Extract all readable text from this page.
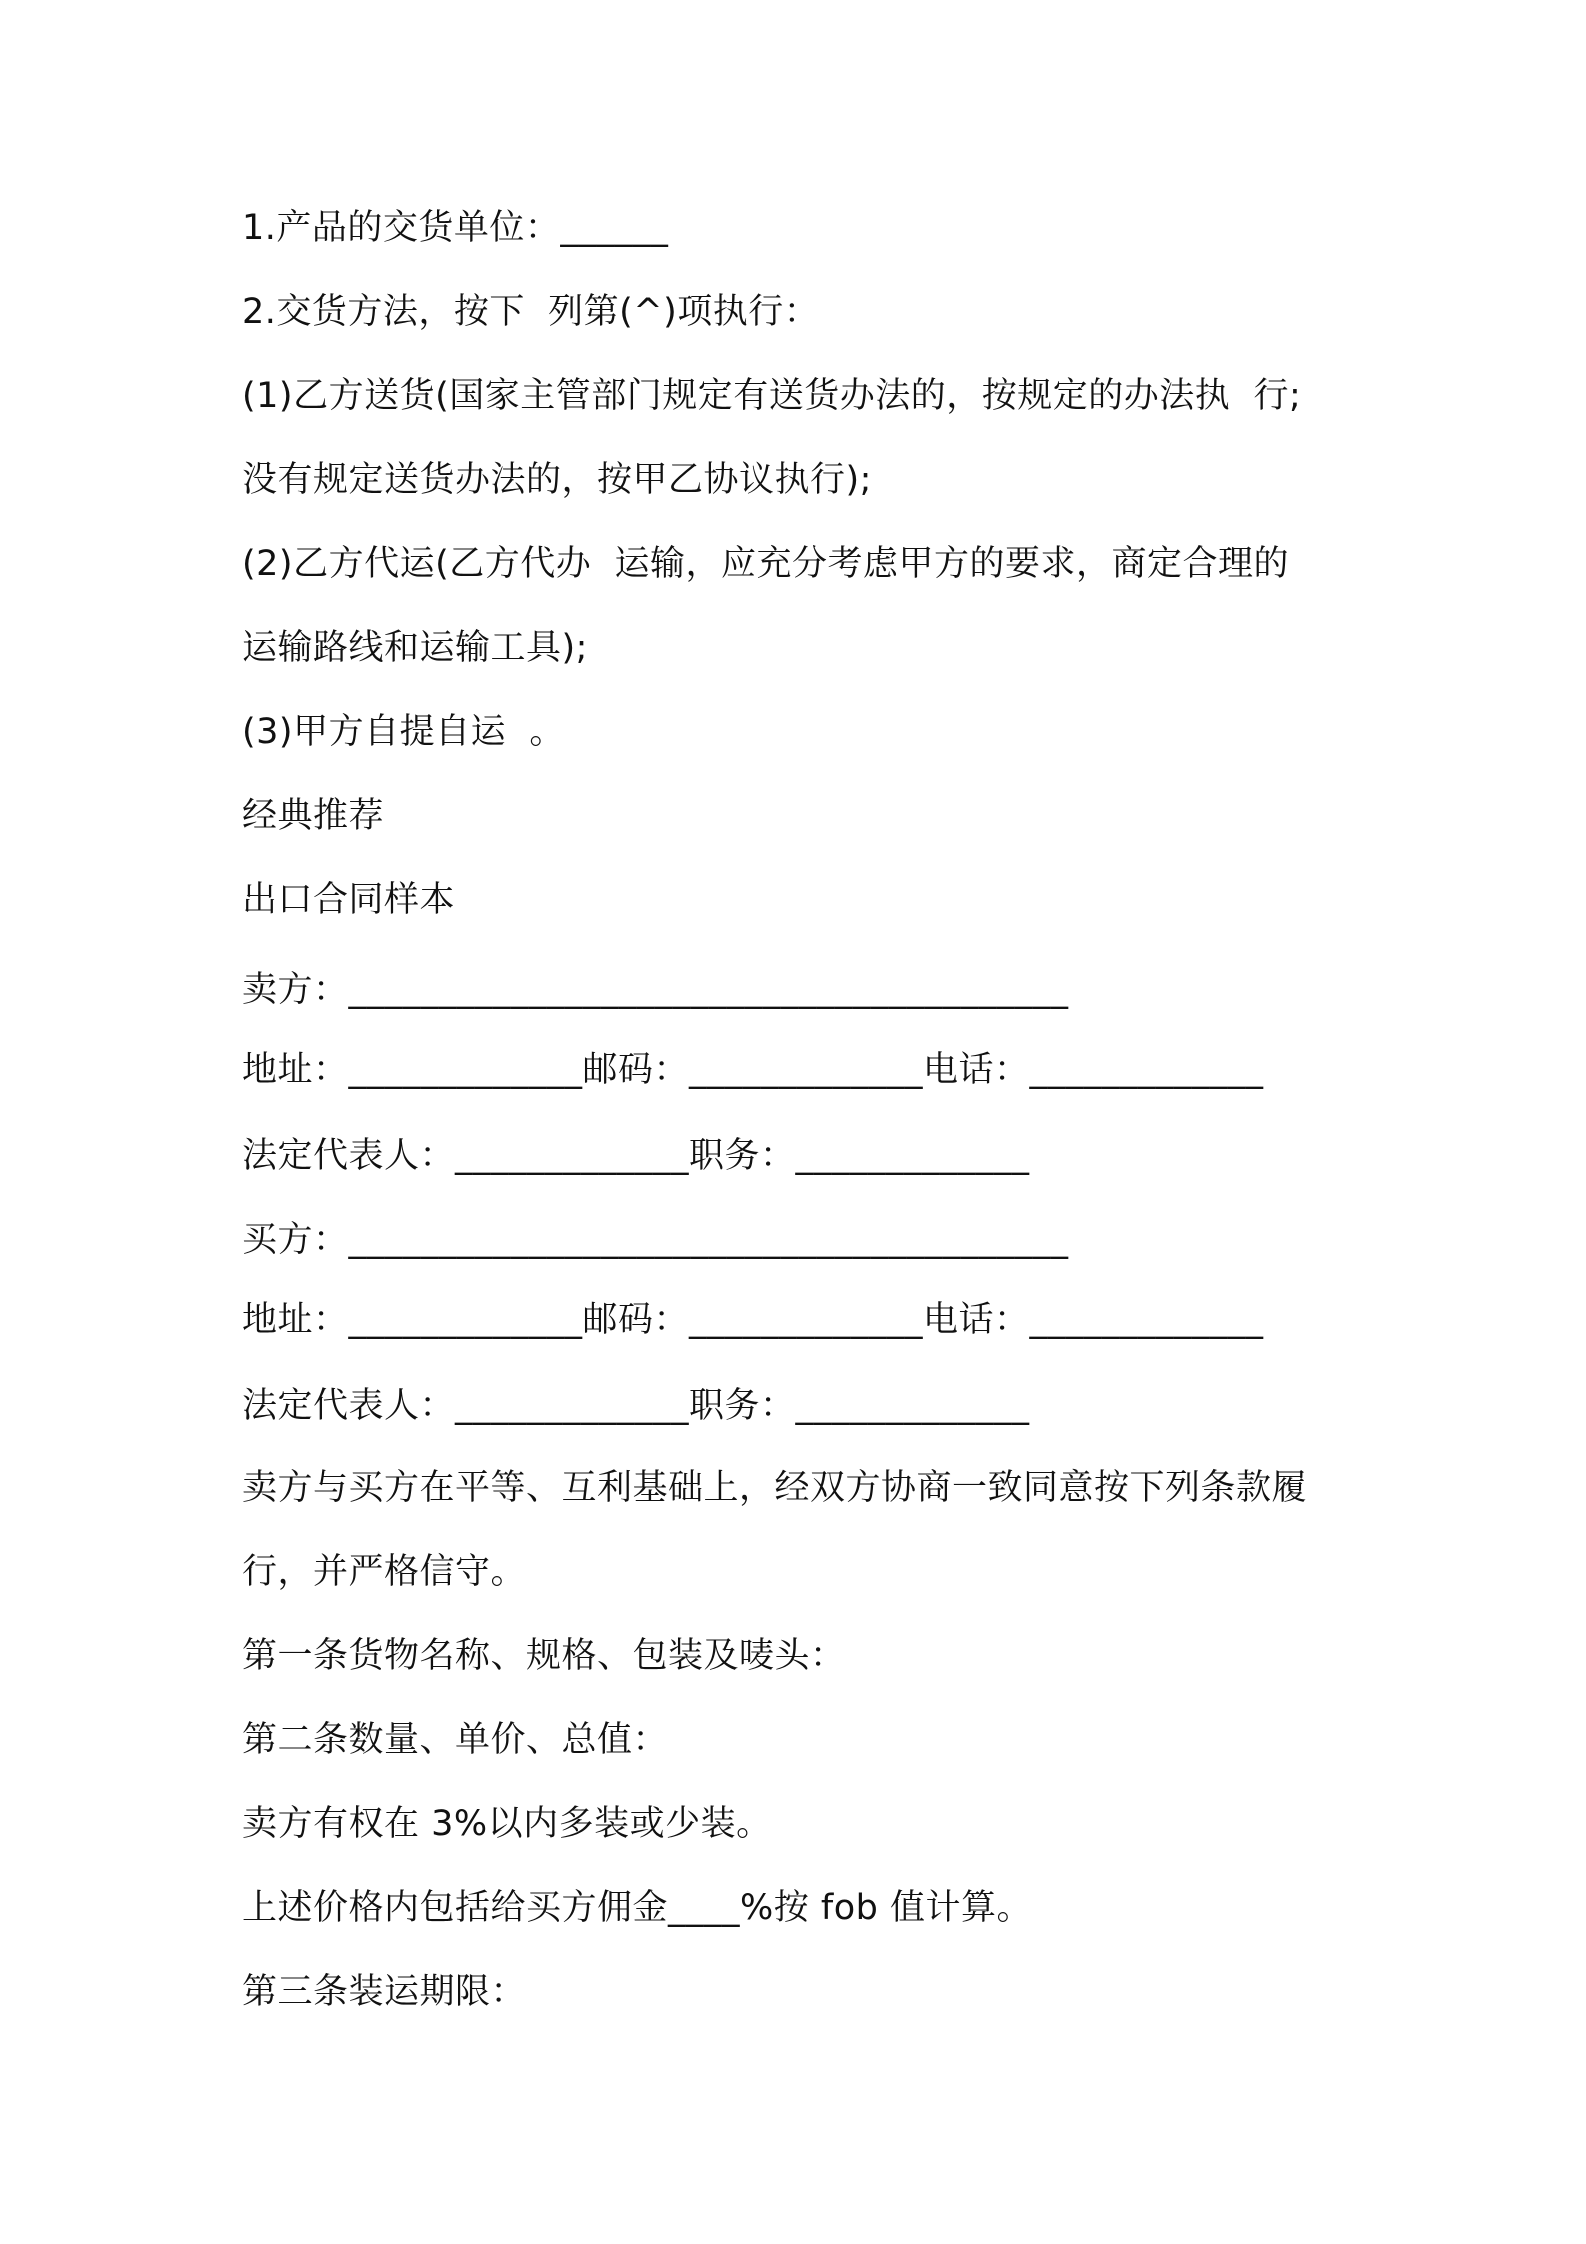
1.产品的交货单位：______
2.交货方法，按下  列第(^)项执行：
(1)乙方送货(国家主管部门规定有送货办法的，按规定的办法执  行;
没有规定送货办法的，按甲乙协议执行);
(2)乙方代运(乙方代办  运输，应充分考虑甲方的要求，商定合理的
运输路线和运输工具);
(3)甲方自提自运  。
经典推荐
出口合同样本
卖方：________________________________________
地址：_____________邮码：_____________电话：_____________
法定代表人：_____________职务：_____________
买方：________________________________________
地址：_____________邮码：_____________电话：_____________
法定代表人：_____________职务：_____________
卖方与买方在平等、互利基础上，经双方协商一致同意按下列条款履
行，并严格信守。
第一条货物名称、规格、包装及唛头：
第二条数量、单价、总值：
卖方有权在 3%以内多装或少装。
上述价格内包括给买方佣金____%按 fob 值计算。
第三条装运期限：
